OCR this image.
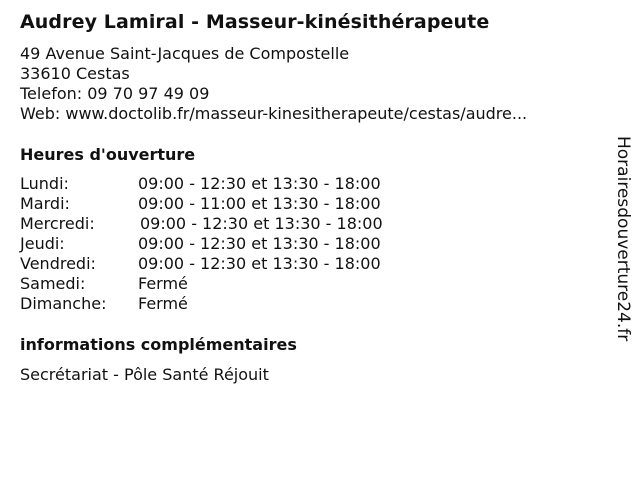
Audrey Lamiral - Masseur-kinésithérapeute
49 Avenue Saint-Jacques de Compostelle
33610 Cestas
Telefon: 09 70 97 49 09
Web: www.doctolib.fr/masseur-kinesitherapeute/cestas/audre...
Heures d'ouverture
Lundi:	09:00 - 12:30 et 13:30 - 18:00
Mardi:	09:00 - 11:00 et 13:30 - 18:00
Mercredi:	09:00 - 12:30 et 13:30 - 18:00
Jeudi:	09:00 - 12:30 et 13:30 - 18:00
Vendredi:	09:00 - 12:30 et 13:30 - 18:00
Samedi:	Fermé
Dimanche: Fermé
informations complémentaires
Secrétariat - Pôle Santé Réjouit
Horairesdouverture24.fr
